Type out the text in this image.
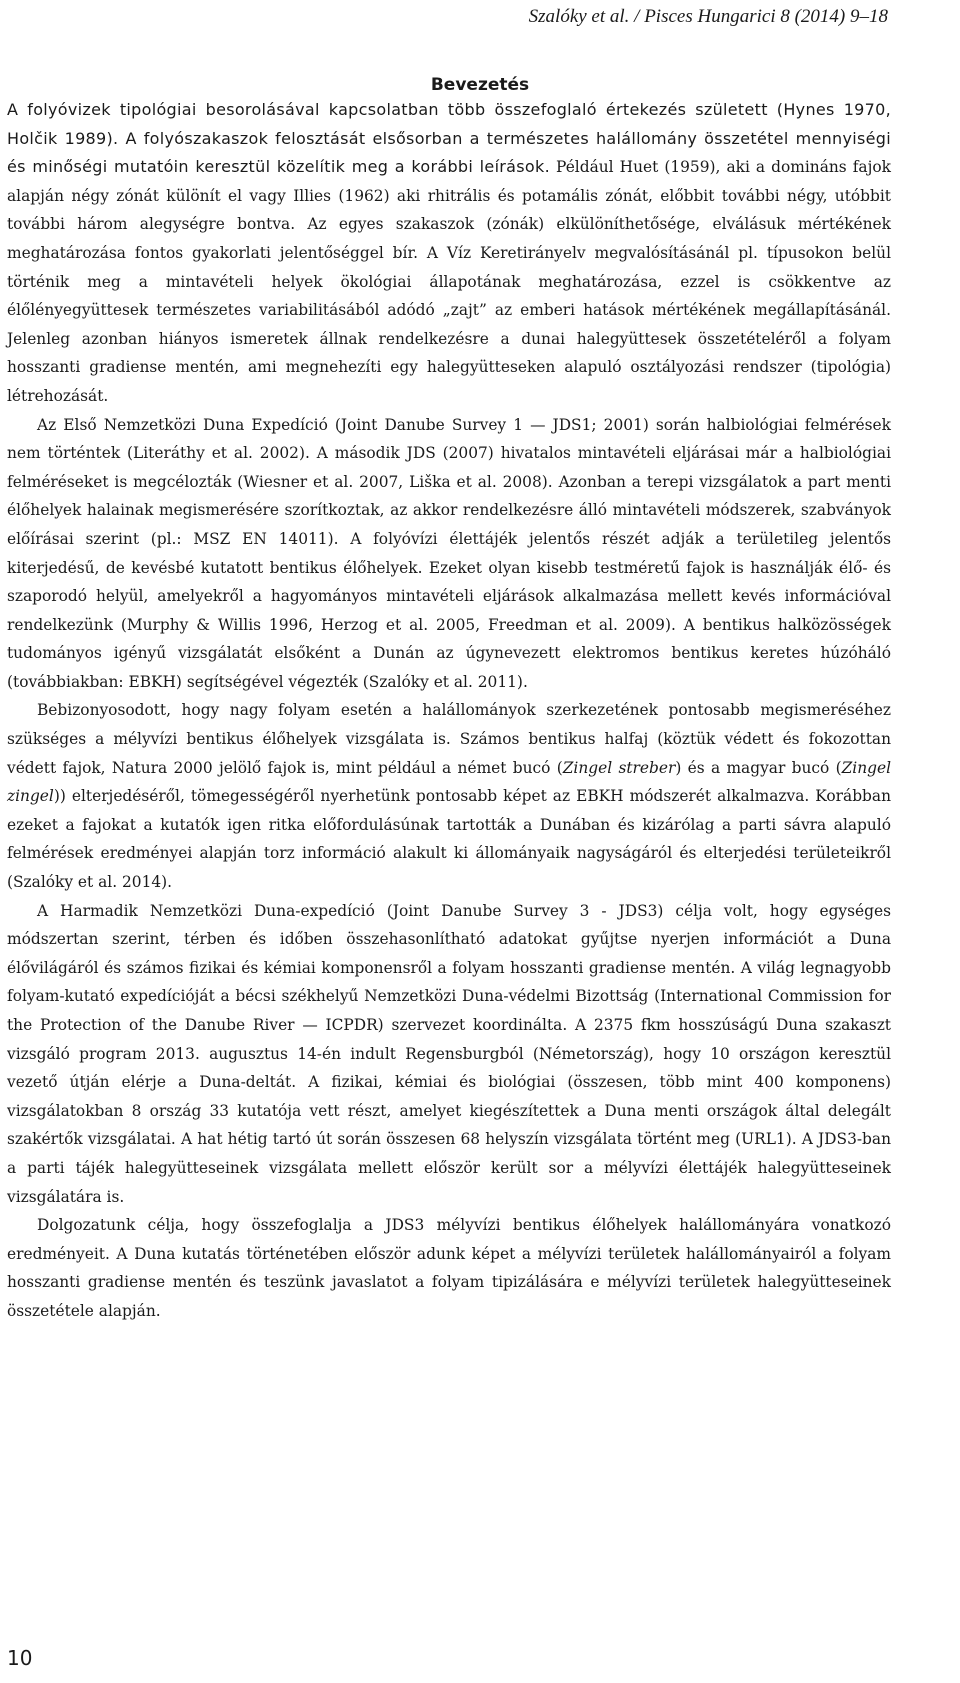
Szalóky et al. / Pisces Hungarici 8 (2014) 9–18
Bevezetés

A folyóvizek tipológiai besorolásával kapcsolatban több összefoglaló értekezés született (Hynes 1970, Holčik 1989). A folyószakaszok felosztását elsősorban a természetes halállomány összetétel mennyiségi és minőségi mutatóin keresztül közelítik meg a korábbi leírások. Például Huet (1959), aki a domináns fajok alapján négy zónát különít el vagy Illies (1962) aki rhitrális és potamális zónát, előbbit további négy, utóbbit további három alegységre bontva. Az egyes szakaszok (zónák) elkülöníthetősége, elválásuk mértékének meghatározása fontos gyakorlati jelentőséggel bír. A Víz Keretirányelv megvalósításánál pl. típusokon belül történik meg a mintavételi helyek ökológiai állapotának meghatározása, ezzel is csökkentve az élőlényegyüttesek természetes variabilitásából adódó „zajt” az emberi hatások mértékének megállapításánál. Jelenleg azonban hiányos ismeretek állnak rendelkezésre a dunai halegyüttesek összetételéről a folyam hosszanti gradiense mentén, ami megnehezíti egy halegyütteseken alapuló osztályozási rendszer (tipológia) létrehozását.

Az Első Nemzetközi Duna Expedíció (Joint Danube Survey 1 — JDS1; 2001) során halbiológiai felmérések nem történtek (Literáthy et al. 2002). A második JDS (2007) hivatalos mintavételi eljárásai már a halbiológiai felméréseket is megcélozták (Wiesner et al. 2007, Liška et al. 2008). Azonban a terepi vizsgálatok a part menti élőhelyek halainak megismerésére szorítkoztak, az akkor rendelkezésre álló mintavételi módszerek, szabványok előírásai szerint (pl.: MSZ EN 14011). A folyóvízi élettájék jelentős részét adják a területileg jelentős kiterjedésű, de kevésbé kutatott bentikus élőhelyek. Ezeket olyan kisebb testméretű fajok is használják élő- és szaporodó helyül, amelyekről a hagyományos mintavételi eljárások alkalmazása mellett kevés információval rendelkezünk (Murphy & Willis 1996, Herzog et al. 2005, Freedman et al. 2009). A bentikus halközösségek tudományos igényű vizsgálatát elsőként a Dunán az úgynevezett elektromos bentikus keretes húzóháló (továbbiakban: EBKH) segítségével végezték (Szalóky et al. 2011).

Bebizonyosodott, hogy nagy folyam esetén a halállományok szerkezetének pontosabb megismeréséhez szükséges a mélyvízi bentikus élőhelyek vizsgálata is. Számos bentikus halfaj (köztük védett és fokozottan védett fajok, Natura 2000 jelölő fajok is, mint például a német bucó (Zingel streber) és a magyar bucó (Zingel zingel)) elterjedéséről, tömegességéről nyerhetünk pontosabb képet az EBKH módszerét alkalmazva. Korábban ezeket a fajokat a kutatók igen ritka előfordulásúnak tartották a Dunában és kizárólag a parti sávra alapuló felmérések eredményei alapján torz információ alakult ki állományaik nagyságáról és elterjedési területeikről (Szalóky et al. 2014).

A Harmadik Nemzetközi Duna-expedíció (Joint Danube Survey 3 - JDS3) célja volt, hogy egységes módszertan szerint, térben és időben összehasonlítható adatokat gyűjtse nyerjen információt a Duna élővilágáról és számos fizikai és kémiai komponensről a folyam hosszanti gradiense mentén. A világ legnagyobb folyam-kutató expedícióját a bécsi székhelyű Nemzetközi Duna-védelmi Bizottság (International Commission for the Protection of the Danube River — ICPDR) szervezet koordinálta. A 2375 fkm hosszúságú Duna szakaszt vizsgáló program 2013. augusztus 14-én indult Regensburgból (Németország), hogy 10 országon keresztül vezető útján elérje a Duna-deltát. A fizikai, kémiai és biológiai (összesen, több mint 400 komponens) vizsgálatokban 8 ország 33 kutatója vett részt, amelyet kiegészítettek a Duna menti országok által delegált szakértők vizsgálatai. A hat hétig tartó út során összesen 68 helyszín vizsgálata történt meg (URL1). A JDS3-ban a parti tájék halegyütteseinek vizsgálata mellett először került sor a mélyvízi élettájék halegyütteseinek vizsgálatára is.

Dolgozatunk célja, hogy összefoglalja a JDS3 mélyvízi bentikus élőhelyek halállományára vonatkozó eredményeit. A Duna kutatás történetében először adunk képet a mélyvízi területek halállományairól a folyam hosszanti gradiense mentén és teszünk javaslatot a folyam tipizálására e mélyvízi területek halegyütteseinek összetétele alapján.

10
